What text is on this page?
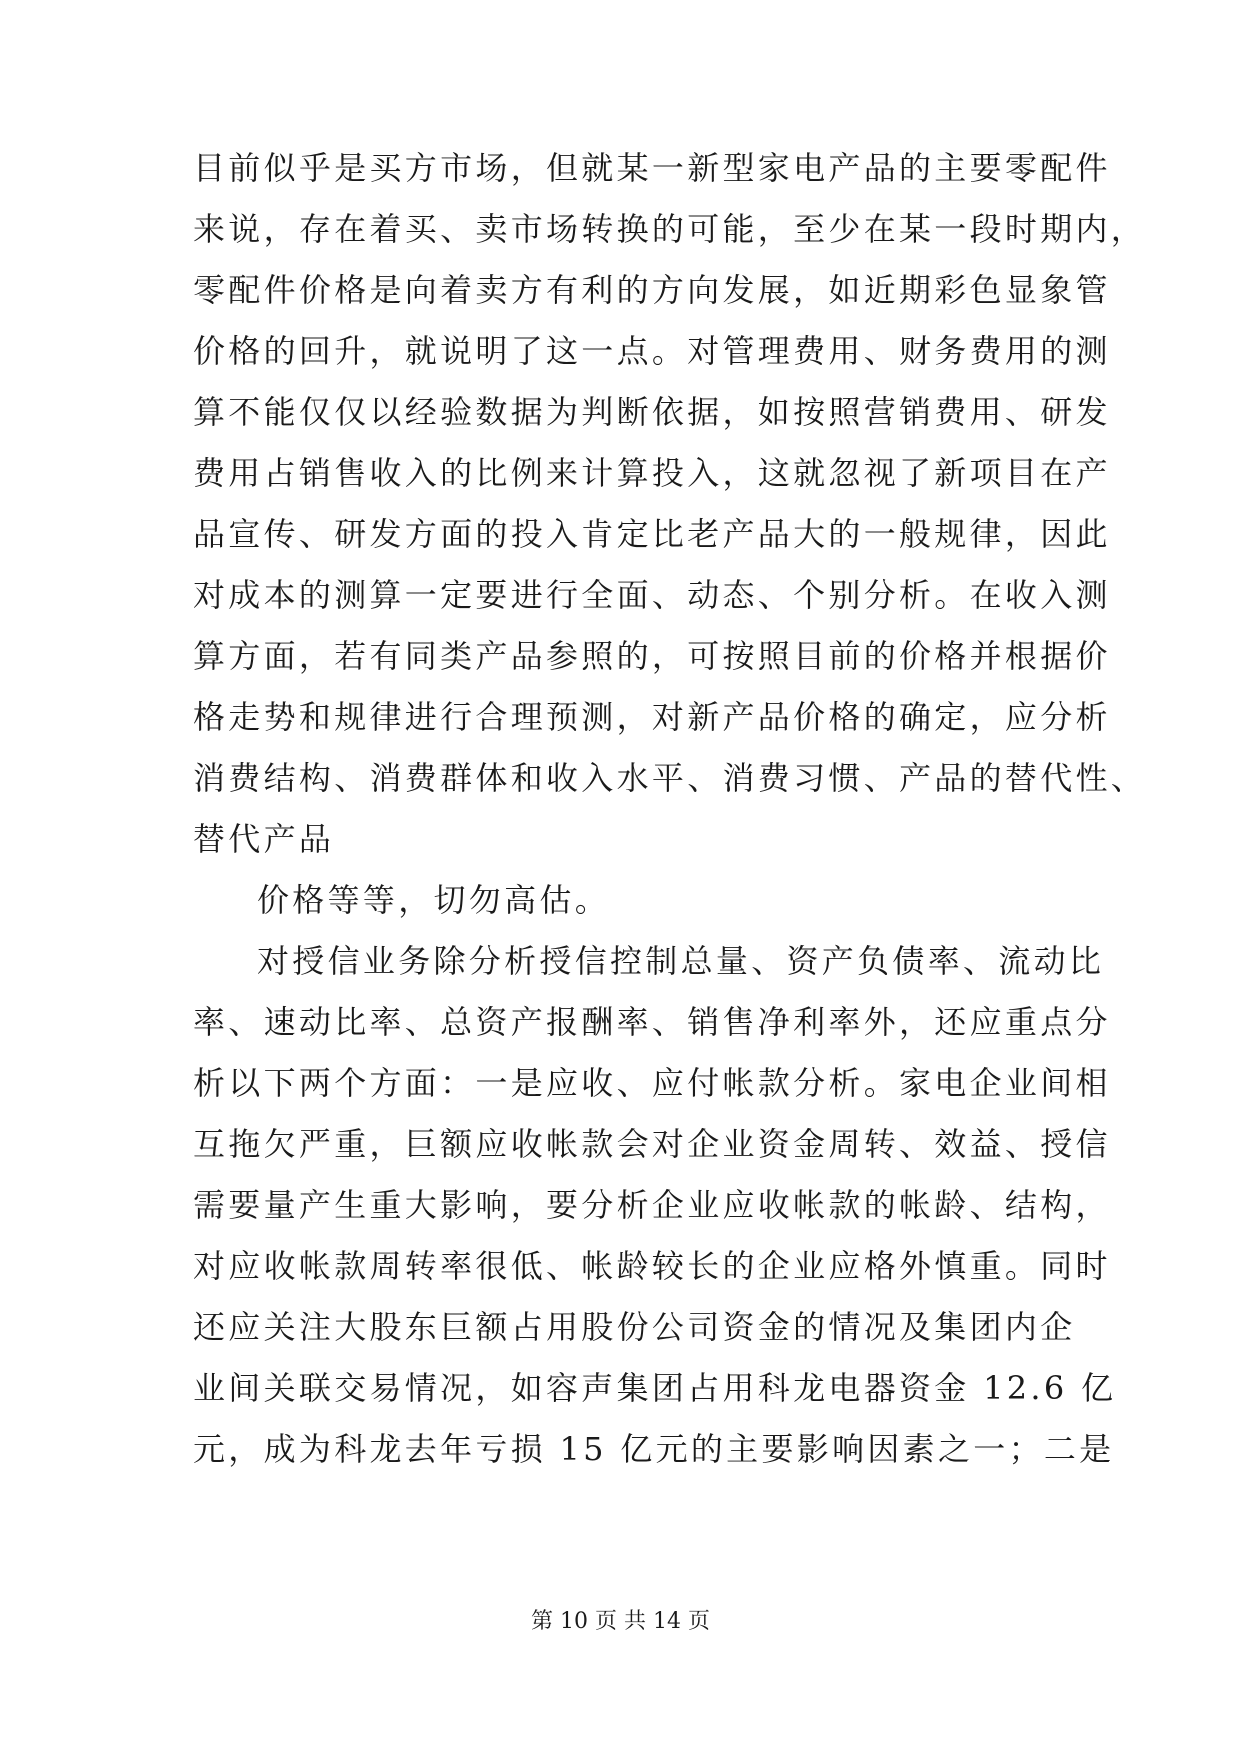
目前似乎是买方市场，但就某一新型家电产品的主要零配件
来说，存在着买、卖市场转换的可能，至少在某一段时期内，
零配件价格是向着卖方有利的方向发展，如近期彩色显象管
价格的回升，就说明了这一点。对管理费用、财务费用的测
算不能仅仅以经验数据为判断依据，如按照营销费用、研发
费用占销售收入的比例来计算投入，这就忽视了新项目在产
品宣传、研发方面的投入肯定比老产品大的一般规律，因此
对成本的测算一定要进行全面、动态、个别分析。在收入测
算方面，若有同类产品参照的，可按照目前的价格并根据价
格走势和规律进行合理预测，对新产品价格的确定，应分析
消费结构、消费群体和收入水平、消费习惯、产品的替代性、
替代产品
价格等等，切勿高估。
对授信业务除分析授信控制总量、资产负债率、流动比
率、速动比率、总资产报酬率、销售净利率外，还应重点分
析以下两个方面：一是应收、应付帐款分析。家电企业间相
互拖欠严重，巨额应收帐款会对企业资金周转、效益、授信
需要量产生重大影响，要分析企业应收帐款的帐龄、结构，
对应收帐款周转率很低、帐龄较长的企业应格外慎重。同时
还应关注大股东巨额占用股份公司资金的情况及集团内企
业间关联交易情况，如容声集团占用科龙电器资金 12.6 亿
元，成为科龙去年亏损 15 亿元的主要影响因素之一；二是
第 10 页 共 14 页
